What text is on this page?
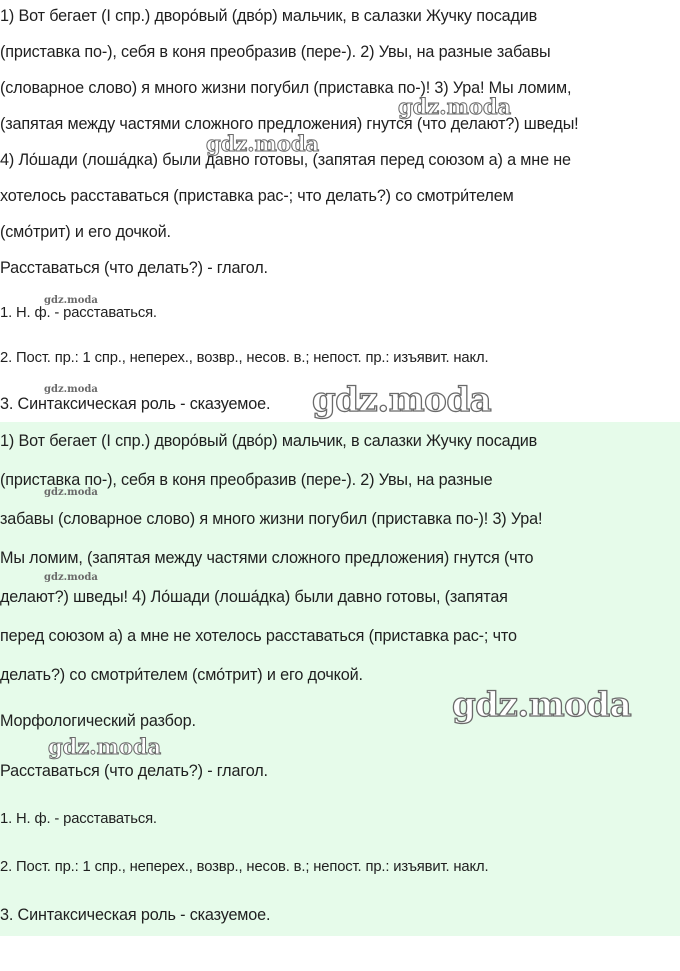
1) Вот бегает (I спр.) дворо́вый (дво́р) мальчик, в салазки Жучку посадив
(приставка по-), себя в коня преобразив (пере-). 2) Увы, на разные забавы
(словарное слово) я много жизни погубил (приставка по-)! 3) Ура! Мы ломим,
(запятая между частями сложного предложения) гнутся (что делают?) шведы!
4) Ло́шади (лоша́дка) были давно готовы, (запятая перед союзом а) а мне не
хотелось расставаться (приставка рас-; что делать?) со смотри́телем
(смо́трит) и его дочкой.
Расставаться (что делать?) - глагол.
1. Н. ф. - расставаться.
2. Пост. пр.: 1 спр., неперех., возвр., несов. в.; непост. пр.: изъявит. накл.
3. Синтаксическая роль - сказуемое.
gdz.moda
gdz.moda
gdz.moda
gdz.moda
1) Вот бегает (I спр.) дворо́вый (дво́р) мальчик, в салазки Жучку посадив
(приставка по-), себя в коня преобразив (пере-). 2) Увы, на разные
забавы (словарное слово) я много жизни погубил (приставка по-)! 3) Ура!
Мы ломим, (запятая между частями сложного предложения) гнутся (что
делают?) шведы! 4) Ло́шади (лоша́дка) были давно готовы, (запятая
перед союзом а) а мне не хотелось расставаться (приставка рас-; что
делать?) со смотри́телем (смо́трит) и его дочкой.
Морфологический разбор.
Расставаться (что делать?) - глагол.
1. Н. ф. - расставаться.
2. Пост. пр.: 1 спр., неперех., возвр., несов. в.; непост. пр.: изъявит. накл.
3. Синтаксическая роль - сказуемое.
gdz.moda
gdz.moda
gdz.moda
gdz.moda
gdz.moda
